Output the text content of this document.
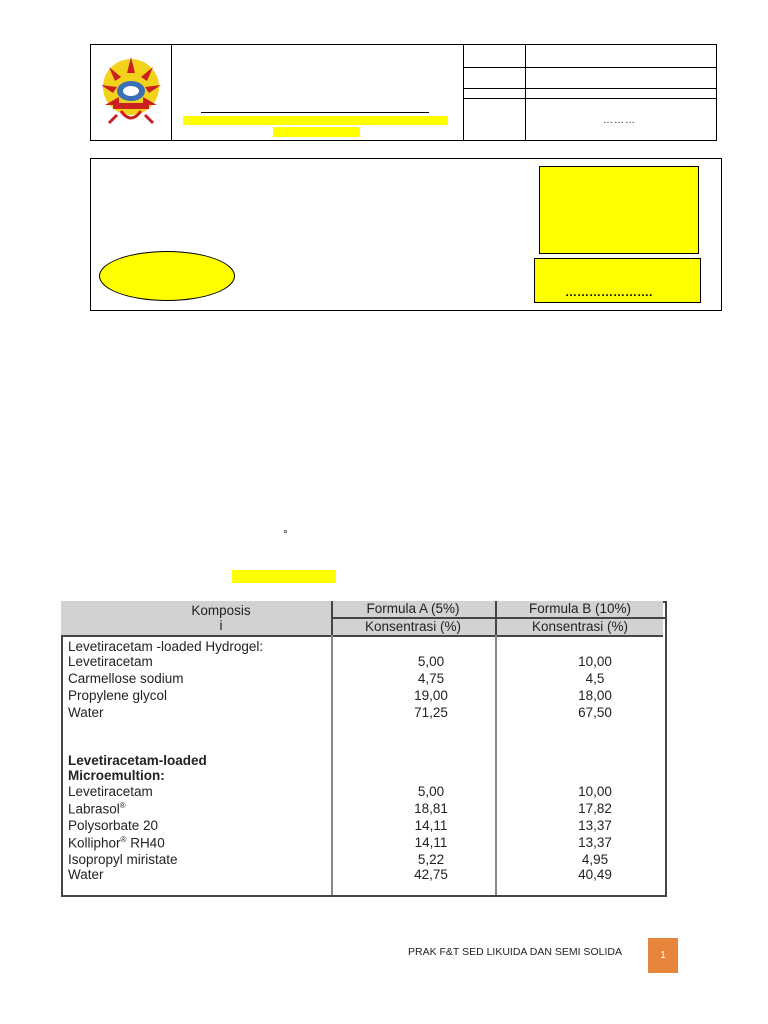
………
………………….
°
Komposis
i
Formula A (5%)	Formula B (10%)
Konsentrasi (%)	Konsentrasi (%)
Levetiracetam -loaded Hydrogel:
Levetiracetam	5,00	10,00
Carmellose sodium	4,75	4,5
Propylene glycol	19,00	18,00
Water	71,25	67,50
Levetiracetam-loaded
Microemultion:
Levetiracetam	5,00	10,00
Labrasol®	18,81	17,82
Polysorbate 20	14,11	13,37
Kolliphor® RH40	14,11	13,37
Isopropyl miristate	5,22	4,95
Water	42,75	40,49
PRAK F&T SED LIKUIDA DAN SEMI SOLIDA	1
